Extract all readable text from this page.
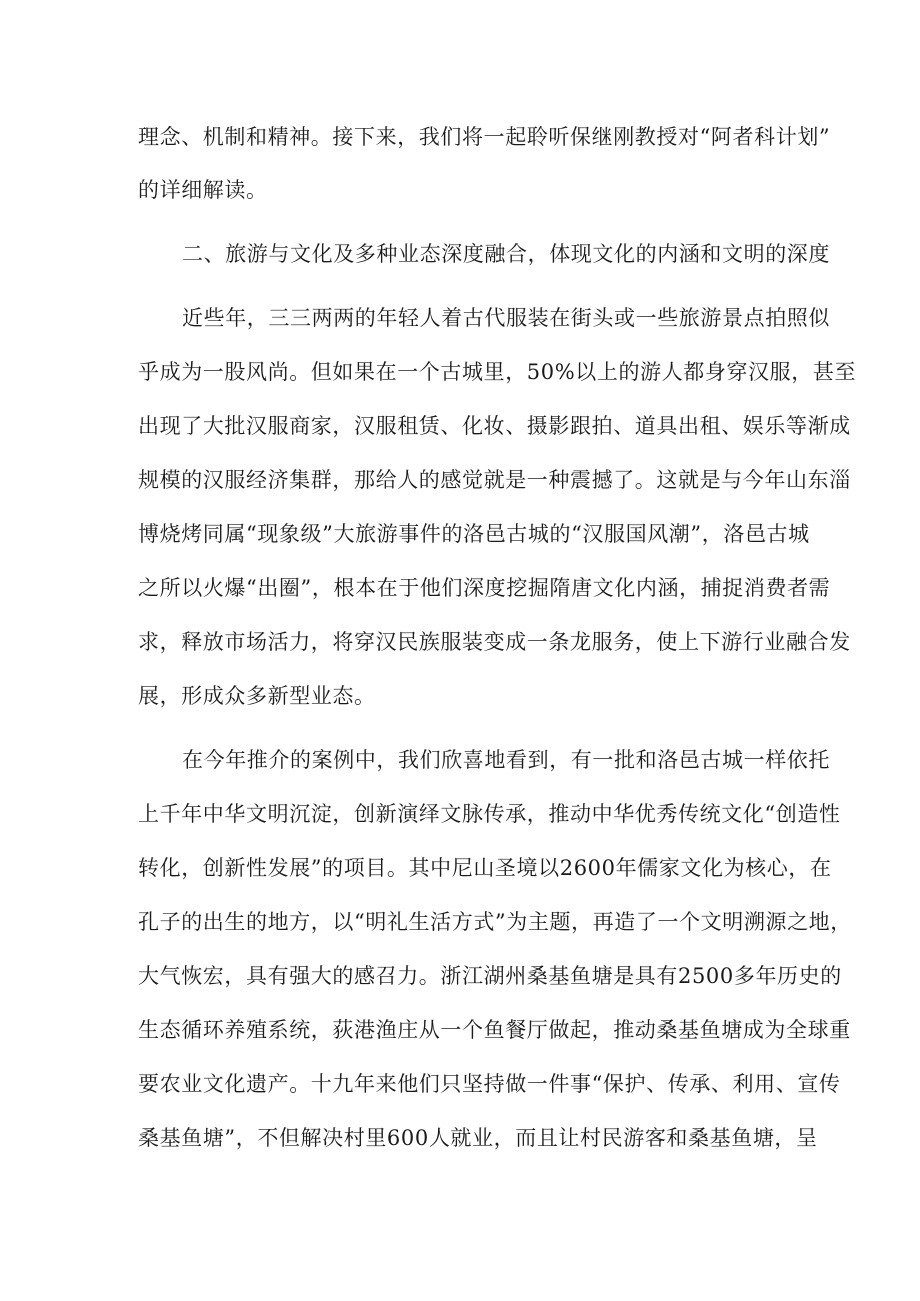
理念、机制和精神。接下来，我们将一起聆听保继刚教授对“阿者科计划”

的详细解读。

二、旅游与文化及多种业态深度融合，体现文化的内涵和文明的深度

近些年，三三两两的年轻人着古代服装在街头或一些旅游景点拍照似

乎成为一股风尚。但如果在一个古城里，50%以上的游人都身穿汉服，甚至

出现了大批汉服商家，汉服租赁、化妆、摄影跟拍、道具出租、娱乐等渐成

规模的汉服经济集群，那给人的感觉就是一种震撼了。这就是与今年山东淄

博烧烤同属“现象级”大旅游事件的洛邑古城的“汉服国风潮”，洛邑古城

之所以火爆“出圈”，根本在于他们深度挖掘隋唐文化内涵，捕捉消费者需

求，释放市场活力，将穿汉民族服装变成一条龙服务，使上下游行业融合发

展，形成众多新型业态。

在今年推介的案例中，我们欣喜地看到，有一批和洛邑古城一样依托

上千年中华文明沉淀，创新演绎文脉传承，推动中华优秀传统文化“创造性

转化，创新性发展”的项目。其中尼山圣境以2600年儒家文化为核心，在

孔子的出生的地方，以“明礼生活方式”为主题，再造了一个文明溯源之地，

大气恢宏，具有强大的感召力。浙江湖州桑基鱼塘是具有2500多年历史的

生态循环养殖系统，荻港渔庄从一个鱼餐厅做起，推动桑基鱼塘成为全球重

要农业文化遗产。十九年来他们只坚持做一件事“保护、传承、利用、宣传

桑基鱼塘”，不但解决村里600人就业，而且让村民游客和桑基鱼塘，呈
